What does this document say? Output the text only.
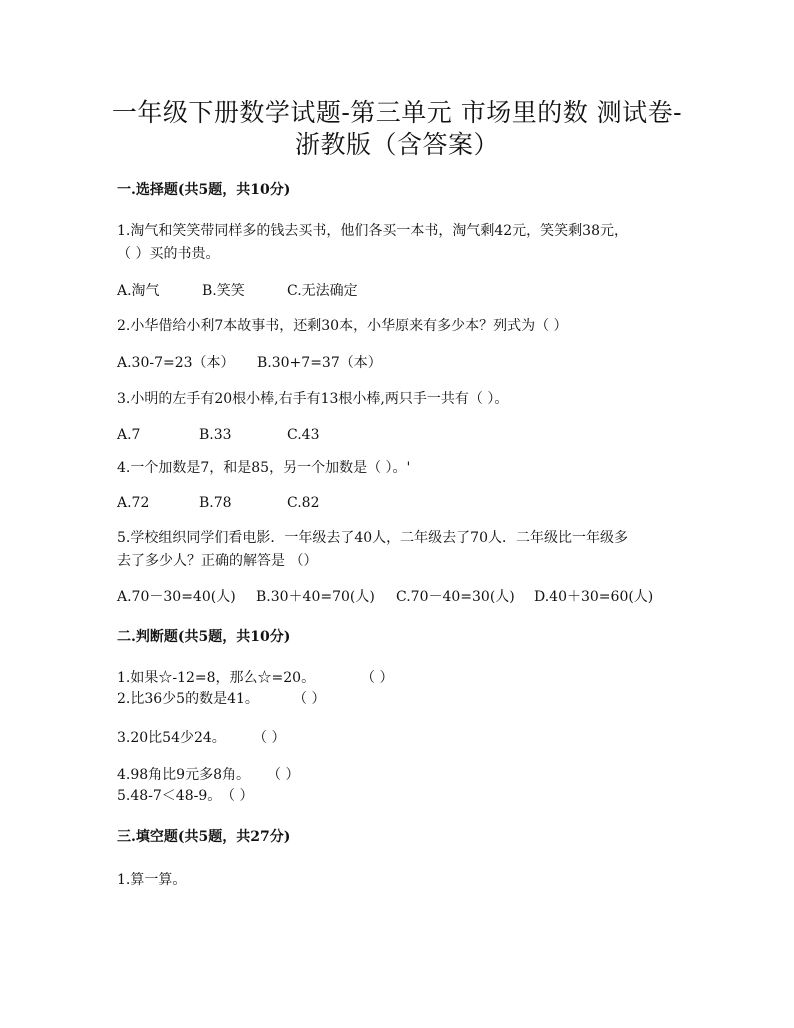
一年级下册数学试题-第三单元 市场里的数 测试卷-
浙教版（含答案）
一.选择题(共5题，共10分)
1.淘气和笑笑带同样多的钱去买书，他们各买一本书，淘气剩42元，笑笑剩38元，
（ ）买的书贵。
A.淘气	B.笑笑	C.无法确定
2.小华借给小利7本故事书，还剩30本，小华原来有多少本？列式为（ ）
A.30-7=23（本） B.30+7=37（本）
3.小明的左手有20根小棒,右手有13根小棒,两只手一共有（ ）。
A.7	B.33	C.43
4.一个加数是7，和是85，另一个加数是（ ）。'
A.72	B.78	C.82
5.学校组织同学们看电影．一年级去了40人，二年级去了70人．二年级比一年级多
去了多少人？正确的解答是 （）
A.70－30=40(人) B.30＋40=70(人) C.70－40=30(人) D.40＋30=60(人)
二.判断题(共5题，共10分)
1.如果☆-12=8，那么☆=20。	（ ）
2.比36少5的数是41。 （ ）
3.20比54少24。 （ ）
4.98角比9元多8角。 （ ）
5.48-7＜48-9。（ ）
三.填空题(共5题，共27分)
1.算一算。
